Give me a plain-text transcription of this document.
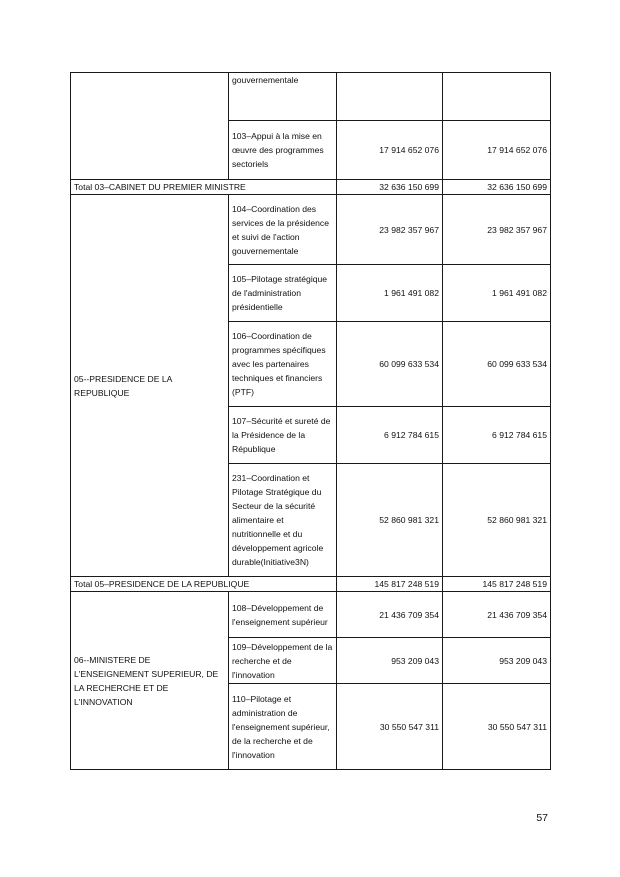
	gouvernementale		
	103–Appui à la mise en œuvre des programmes sectoriels	17 914 652 076	17 914 652 076
Total 03–CABINET DU PREMIER MINISTRE		32 636 150 699	32 636 150 699
05--PRESIDENCE DE LA REPUBLIQUE	104–Coordination des services de la présidence et suivi de l'action gouvernementale	23 982 357 967	23 982 357 967
	105–Pilotage stratégique de l'administration présidentielle	1 961 491 082	1 961 491 082
	106–Coordination de programmes spécifiques avec les partenaires techniques et financiers (PTF)	60 099 633 534	60 099 633 534
	107–Sécurité et sureté de la Présidence de la République	6 912 784 615	6 912 784 615
	231–Coordination et Pilotage Stratégique du Secteur de la sécurité alimentaire et nutritionnelle et du développement agricole durable(Initiative3N)	52 860 981 321	52 860 981 321
Total 05–PRESIDENCE DE LA REPUBLIQUE		145 817 248 519	145 817 248 519
06--MINISTERE DE L'ENSEIGNEMENT SUPERIEUR, DE LA RECHERCHE ET DE L'INNOVATION	108–Développement de l'enseignement supérieur	21 436 709 354	21 436 709 354
	109–Développement de la recherche et de l'innovation	953 209 043	953 209 043
	110–Pilotage et administration de l'enseignement supérieur, de la recherche et de l'innovation	30 550 547 311	30 550 547 311
57
